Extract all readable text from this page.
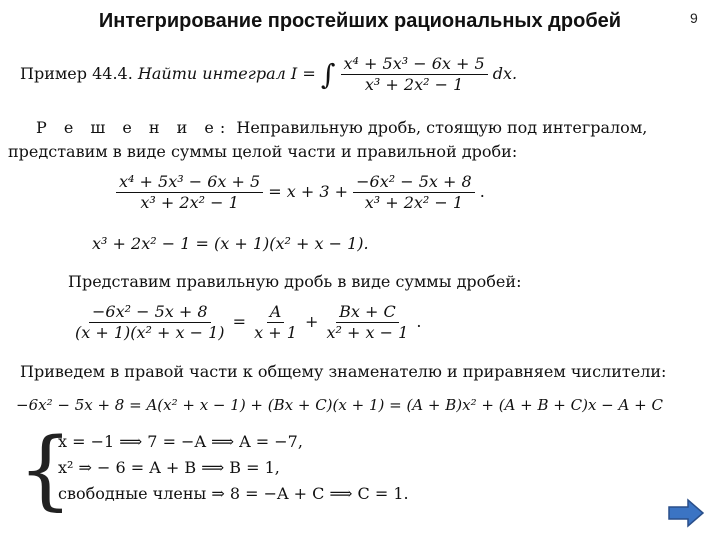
Интегрирование простейших рациональных дробей	9
Пример 44.4. Найти интеграл I = ∫ $\frac{\text{x⁴ + 5x³ − 6x + 5}}{\text{x³ + 2x² − 1}}$ dx.
Р е ш е н и е: Неправильную дробь, стоящую под интегралом,
представим в виде суммы целой части и правильной дроби:
$\frac{\text{x⁴ + 5x³ − 6x + 5}}{\text{x³ + 2x² − 1}} = x + 3 + \frac{\text{−6x² − 5x + 8}}{\text{x³ + 2x² − 1}}$ .
x³ + 2x² − 1 = (x + 1)(x² + x − 1).
Представим правильную дробь в виде суммы дробей:
$\frac{\text{−6x² − 5x + 8}}{\text{(x + 1)(x² + x − 1)}} = \frac{A}{x + 1} + \frac{Bx + C}{\text{x² + x − 1}}$ .
Приведем в правой части к общему знаменателю и приравняем числители:
−6x² − 5x + 8 = A(x² + x − 1) + (Bx + C)(x + 1) = (A + B)x² + (A + B + C)x − A + C
{
x = −1 ⟹ 7 = −A ⟹ A = −7,
x² ⇒ − 6 = A + B ⟹ B = 1,
свободные члены ⇒ 8 = −A + C ⟹ C = 1.
